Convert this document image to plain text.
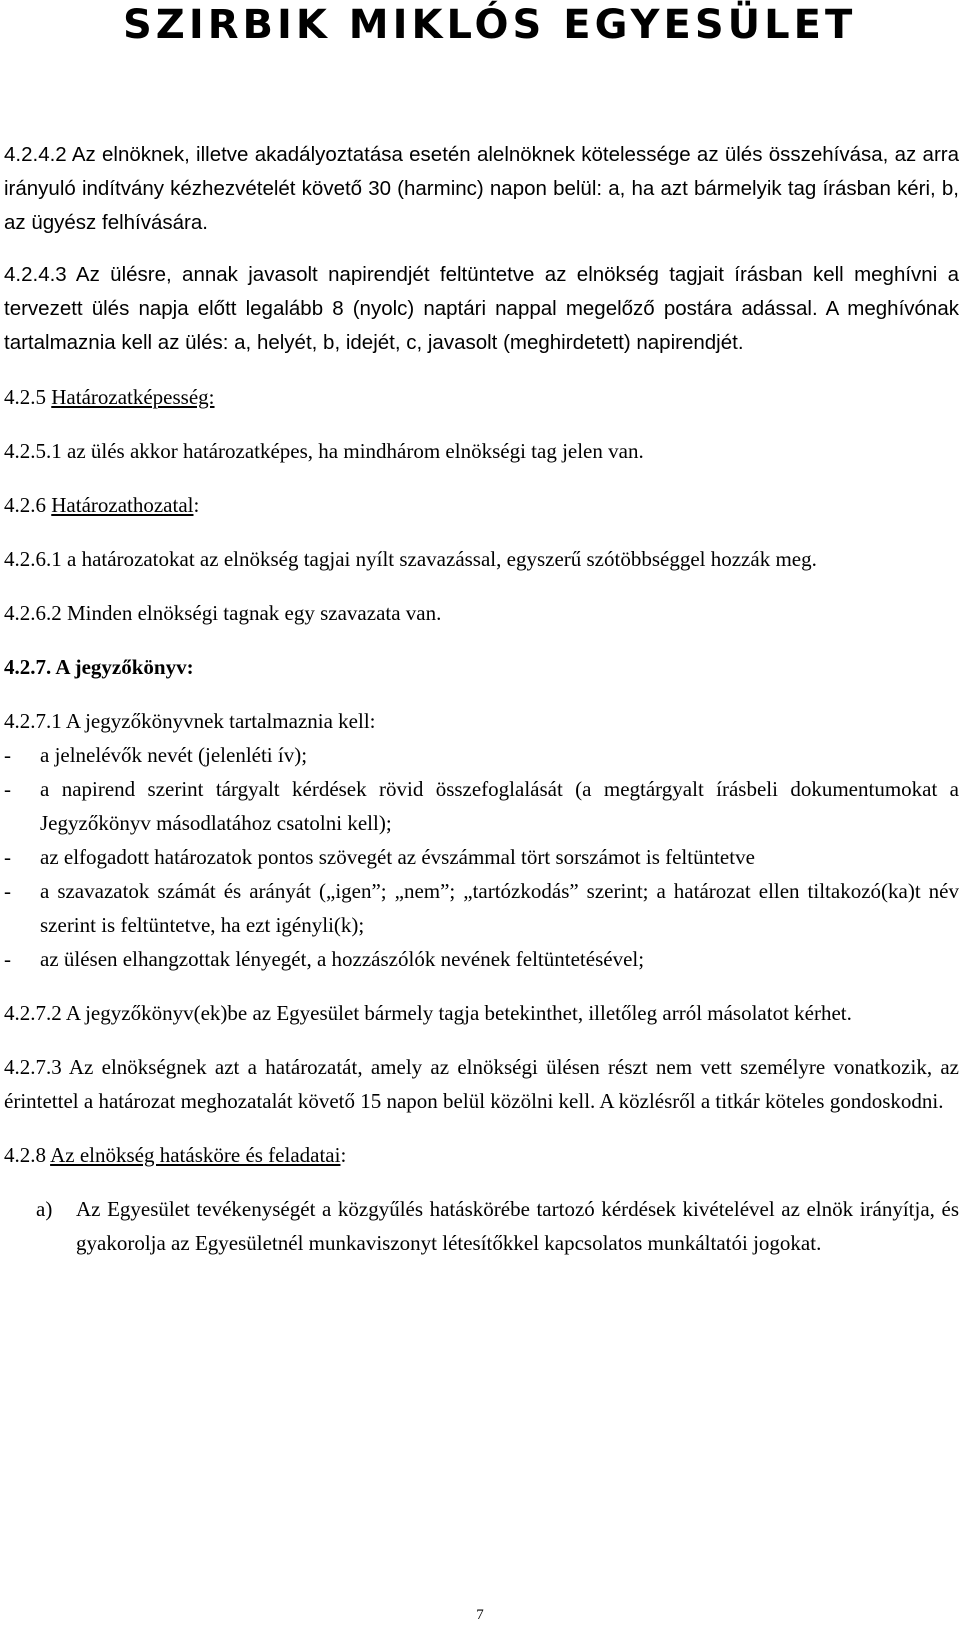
SZIRBIK MIKLÓS EGYESÜLET

4.2.4.2 Az elnöknek, illetve akadályoztatása esetén alelnöknek kötelessége az ülés összehívása, az arra irányuló indítvány kézhezvételét követő 30 (harminc) napon belül: a, ha azt bármelyik tag írásban kéri, b, az ügyész felhívására.

4.2.4.3 Az ülésre, annak javasolt napirendjét feltüntetve az elnökség tagjait írásban kell meghívni a tervezett ülés napja előtt legalább 8 (nyolc) naptári nappal megelőző postára adással. A meghívónak tartalmaznia kell az ülés: a, helyét, b, idejét, c, javasolt (meghirdetett) napirendjét.

4.2.5 Határozatképesség:

4.2.5.1 az ülés akkor határozatképes, ha mindhárom elnökségi tag jelen van.

4.2.6 Határozathozatal:

4.2.6.1 a határozatokat az elnökség tagjai nyílt szavazással, egyszerű szótöbbséggel hozzák meg.

4.2.6.2 Minden elnökségi tagnak egy szavazata van.

4.2.7. A jegyzőkönyv:

4.2.7.1 A jegyzőkönyvnek tartalmaznia kell:

-	a jelnelévők nevét (jelenléti ív);
-	a napirend szerint tárgyalt kérdések rövid összefoglalását (a megtárgyalt írásbeli dokumentumokat a Jegyzőkönyv másodlatához csatolni kell);
-	az elfogadott határozatok pontos szövegét az évszámmal tört sorszámot is feltüntetve
-	a szavazatok számát és arányát („igen”; „nem”; „tartózkodás” szerint; a határozat ellen tiltakozó(ka)t név szerint is feltüntetve, ha ezt igényli(k);
-	az ülésen elhangzottak lényegét, a hozzászólók nevének feltüntetésével;

4.2.7.2 A jegyzőkönyv(ek)be az Egyesület bármely tagja betekinthet, illetőleg arról másolatot kérhet.

4.2.7.3 Az elnökségnek azt a határozatát, amely az elnökségi ülésen részt nem vett személyre vonatkozik, az érintettel a határozat meghozatalát követő 15 napon belül közölni kell. A közlésről a titkár köteles gondoskodni.

4.2.8 Az elnökség hatásköre és feladatai:

a)	Az Egyesület tevékenységét a közgyűlés hatáskörébe tartozó kérdések kivételével az elnök irányítja, és gyakorolja az Egyesületnél munkaviszonyt létesítőkkel kapcsolatos munkáltatói jogokat.
7
